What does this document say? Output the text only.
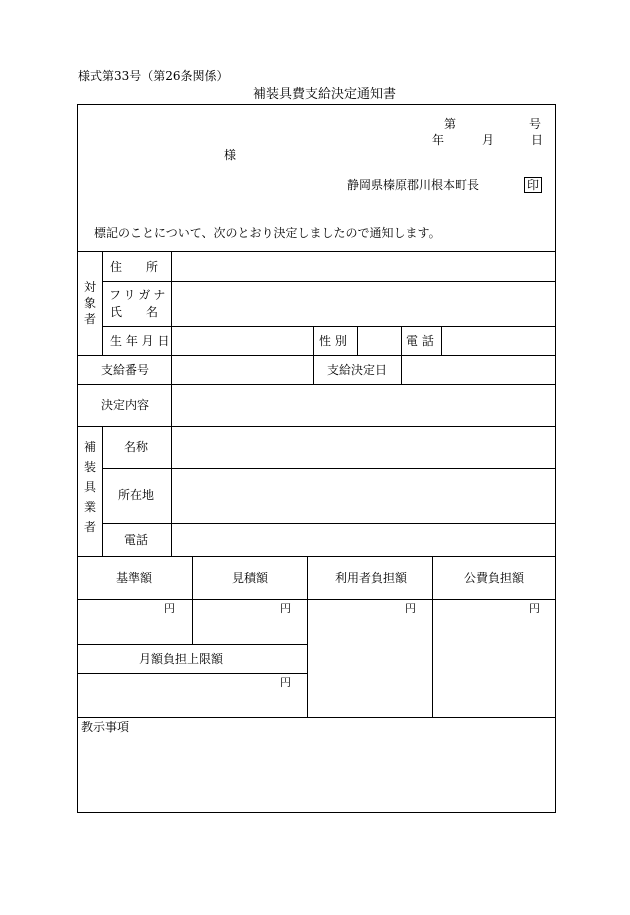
様式第33号（第26条関係）
補装具費支給決定通知書
第	号
年	月	日
様
静岡県榛原郡川根本町長	印
標記のことについて、次のとおり決定しましたので通知します。
対
象
者
住　　所
フリガナ
氏　　名
生 年 月 日	性 別	電 話
支給番号	支給決定日
決定内容
補
装
具
業
者
名称
所在地
電話
基準額	見積額	利用者負担額	公費負担額
円	円	円	円
月額負担上限額
円
教示事項
